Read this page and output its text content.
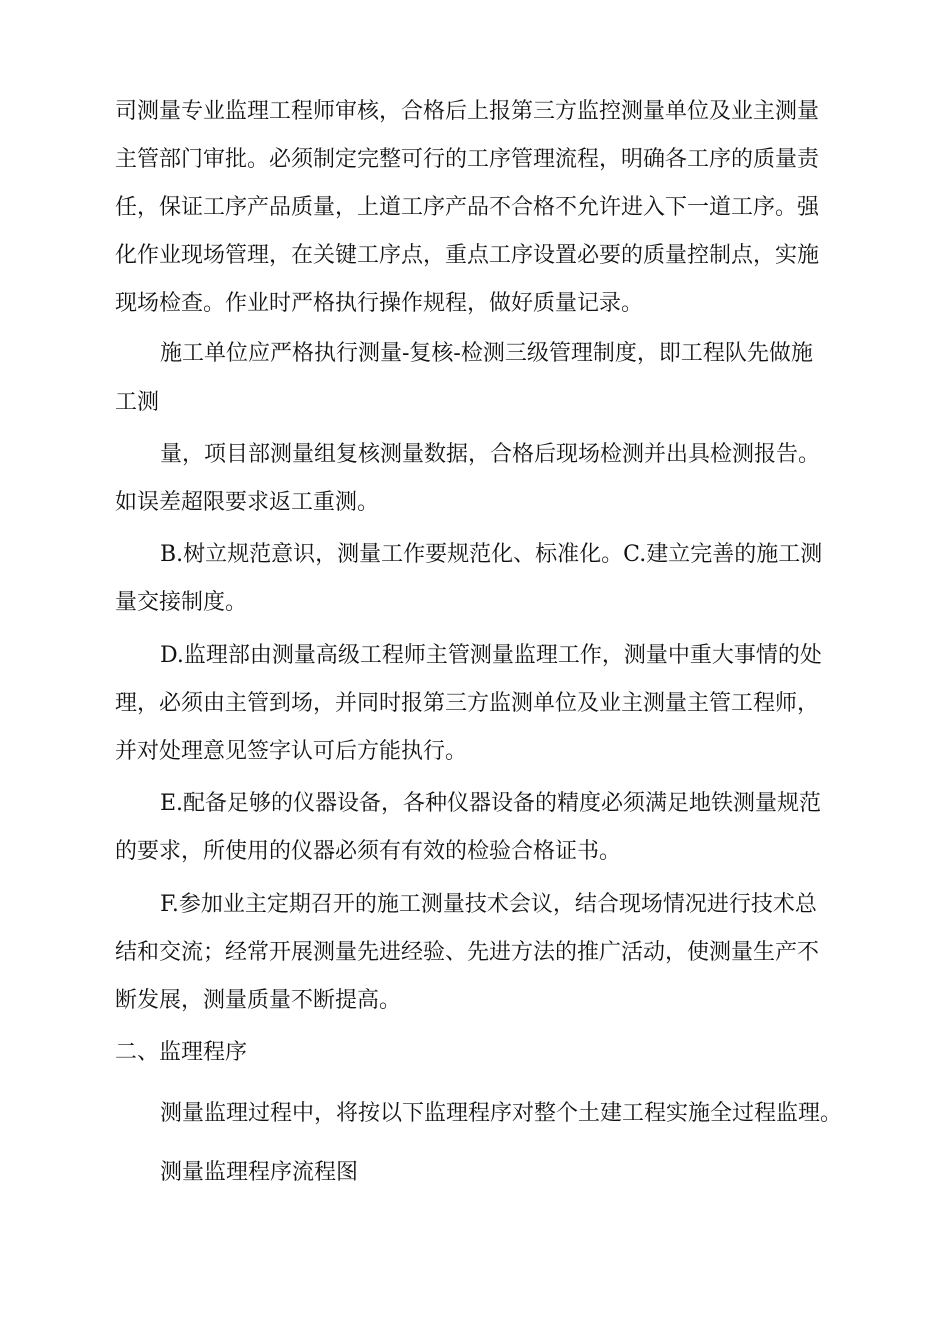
司测量专业监理工程师审核，合格后上报第三方监控测量单位及业主测量
主管部门审批。必须制定完整可行的工序管理流程，明确各工序的质量责
任，保证工序产品质量，上道工序产品不合格不允许进入下一道工序。强
化作业现场管理，在关键工序点，重点工序设置必要的质量控制点，实施
现场检查。作业时严格执行操作规程，做好质量记录。
施工单位应严格执行测量-复核-检测三级管理制度，即工程队先做施
工测
量，项目部测量组复核测量数据，合格后现场检测并出具检测报告。
如误差超限要求返工重测。
B.树立规范意识，测量工作要规范化、标准化。C.建立完善的施工测
量交接制度。
D.监理部由测量高级工程师主管测量监理工作，测量中重大事情的处
理，必须由主管到场，并同时报第三方监测单位及业主测量主管工程师，
并对处理意见签字认可后方能执行。
E.配备足够的仪器设备，各种仪器设备的精度必须满足地铁测量规范
的要求，所使用的仪器必须有有效的检验合格证书。
F.参加业主定期召开的施工测量技术会议，结合现场情况进行技术总
结和交流；经常开展测量先进经验、先进方法的推广活动，使测量生产不
断发展，测量质量不断提高。
二、监理程序
测量监理过程中，将按以下监理程序对整个土建工程实施全过程监理。
测量监理程序流程图
